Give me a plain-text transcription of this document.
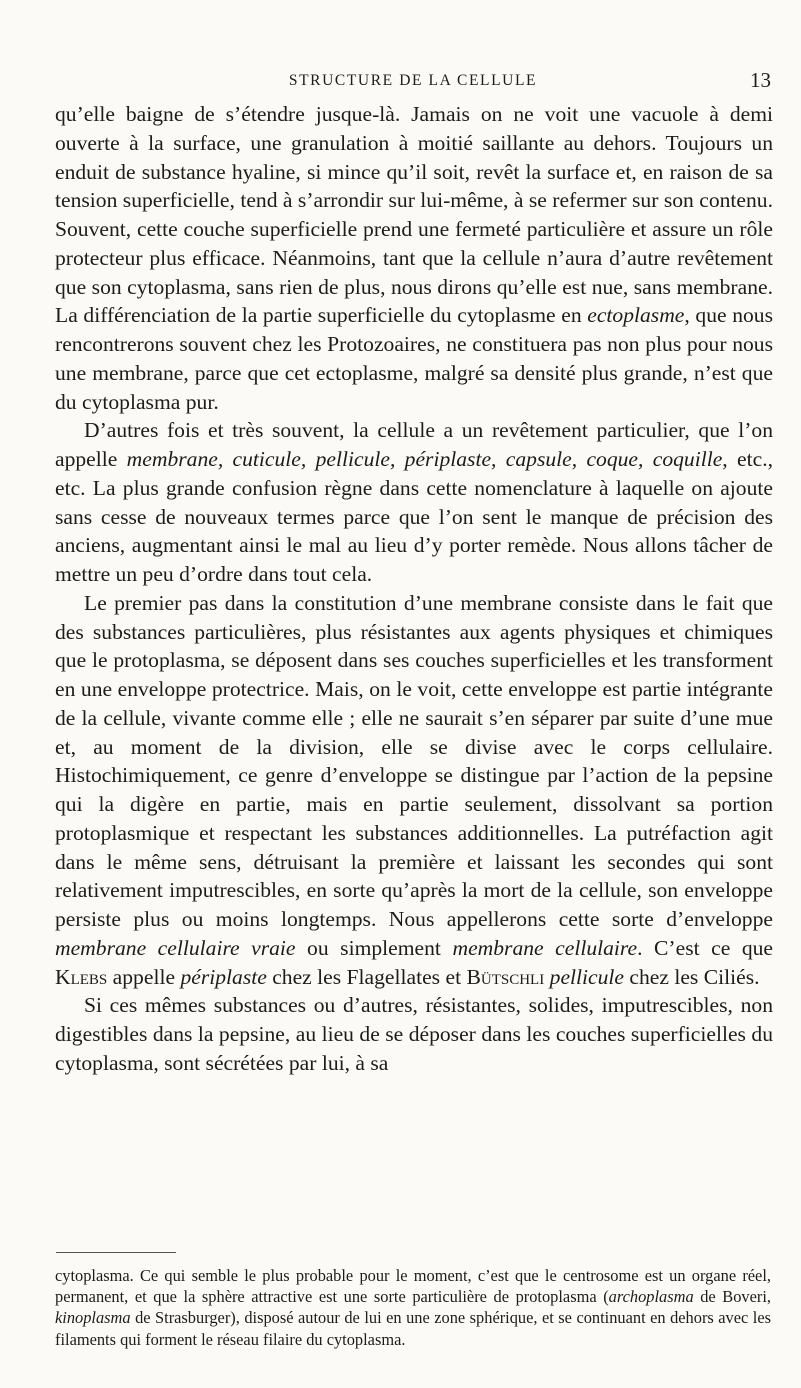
STRUCTURE DE LA CELLULE	13

qu’elle baigne de s’étendre jusque-là. Jamais on ne voit une vacuole à demi ouverte à la surface, une granulation à moitié saillante au dehors. Toujours un enduit de substance hyaline, si mince qu’il soit, revêt la surface et, en raison de sa tension superficielle, tend à s’arrondir sur lui-même, à se refermer sur son contenu. Souvent, cette couche superficielle prend une fermeté particulière et assure un rôle protecteur plus efficace. Néanmoins, tant que la cellule n’aura d’autre revêtement que son cytoplasma, sans rien de plus, nous dirons qu’elle est nue, sans membrane. La différenciation de la partie superficielle du cytoplasme en ectoplasme, que nous rencontrerons souvent chez les Protozoaires, ne constituera pas non plus pour nous une membrane, parce que cet ectoplasme, malgré sa densité plus grande, n’est que du cytoplasma pur.

D’autres fois et très souvent, la cellule a un revêtement particulier, que l’on appelle membrane, cuticule, pellicule, périplaste, capsule, coque, coquille, etc., etc. La plus grande confusion règne dans cette nomenclature à laquelle on ajoute sans cesse de nouveaux termes parce que l’on sent le manque de précision des anciens, augmentant ainsi le mal au lieu d’y porter remède. Nous allons tâcher de mettre un peu d’ordre dans tout cela.

Le premier pas dans la constitution d’une membrane consiste dans le fait que des substances particulières, plus résistantes aux agents physiques et chimiques que le protoplasma, se déposent dans ses couches superficielles et les transforment en une enveloppe protectrice. Mais, on le voit, cette enveloppe est partie intégrante de la cellule, vivante comme elle ; elle ne saurait s’en séparer par suite d’une mue et, au moment de la division, elle se divise avec le corps cellulaire. Histochimiquement, ce genre d’enveloppe se distingue par l’action de la pepsine qui la digère en partie, mais en partie seulement, dissolvant sa portion protoplasmique et respectant les substances additionnelles. La putréfaction agit dans le même sens, détruisant la première et laissant les secondes qui sont relativement imputrescibles, en sorte qu’après la mort de la cellule, son enveloppe persiste plus ou moins longtemps. Nous appellerons cette sorte d’enveloppe membrane cellulaire vraie ou simplement membrane cellulaire. C’est ce que Klebs appelle périplaste chez les Flagellates et Bütschli pellicule chez les Ciliés.

Si ces mêmes substances ou d’autres, résistantes, solides, imputrescibles, non digestibles dans la pepsine, au lieu de se déposer dans les couches superficielles du cytoplasma, sont sécrétées par lui, à sa

cytoplasma. Ce qui semble le plus probable pour le moment, c’est que le centrosome est un organe réel, permanent, et que la sphère attractive est une sorte particulière de protoplasma (archoplasma de Boveri, kinoplasma de Strasburger), disposé autour de lui en une zone sphérique, et se continuant en dehors avec les filaments qui forment le réseau filaire du cytoplasma.
